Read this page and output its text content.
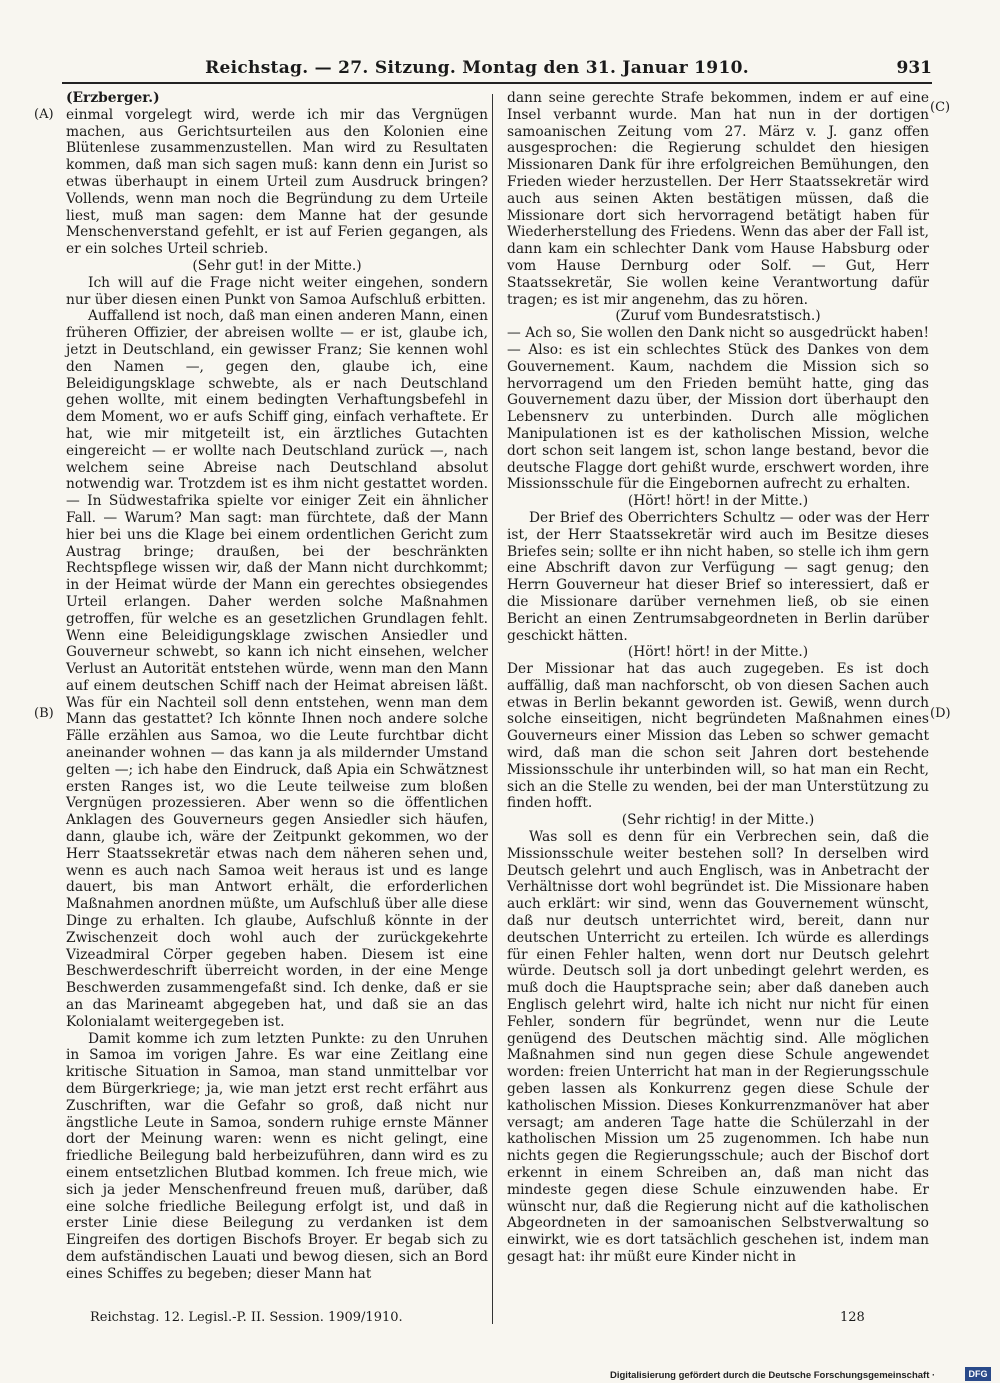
Reichstag. — 27. Sitzung. Montag den 31. Januar 1910.	931
(A)
(B)
(C)
(D)

(Erzberger.)

einmal vorgelegt wird, werde ich mir das Vergnügen machen, aus Gerichtsurteilen aus den Kolonien eine Blütenlese zusammenzustellen. Man wird zu Resultaten kommen, daß man sich sagen muß: kann denn ein Jurist so etwas überhaupt in einem Urteil zum Ausdruck bringen? Vollends, wenn man noch die Begründung zu dem Urteile liest, muß man sagen: dem Manne hat der gesunde Menschenverstand gefehlt, er ist auf Ferien gegangen, als er ein solches Urteil schrieb.

(Sehr gut! in der Mitte.)

Ich will auf die Frage nicht weiter eingehen, sondern nur über diesen einen Punkt von Samoa Aufschluß erbitten.

Auffallend ist noch, daß man einen anderen Mann, einen früheren Offizier, der abreisen wollte — er ist, glaube ich, jetzt in Deutschland, ein gewisser Franz; Sie kennen wohl den Namen —, gegen den, glaube ich, eine Beleidigungsklage schwebte, als er nach Deutschland gehen wollte, mit einem bedingten Verhaftungsbefehl in dem Moment, wo er aufs Schiff ging, einfach verhaftete. Er hat, wie mir mitgeteilt ist, ein ärztliches Gutachten eingereicht — er wollte nach Deutschland zurück —, nach welchem seine Abreise nach Deutschland absolut notwendig war. Trotzdem ist es ihm nicht gestattet worden. — In Südwestafrika spielte vor einiger Zeit ein ähnlicher Fall. — Warum? Man sagt: man fürchtete, daß der Mann hier bei uns die Klage bei einem ordentlichen Gericht zum Austrag bringe; draußen, bei der beschränkten Rechtspflege wissen wir, daß der Mann nicht durchkommt; in der Heimat würde der Mann ein gerechtes obsiegendes Urteil erlangen. Daher werden solche Maßnahmen getroffen, für welche es an gesetzlichen Grundlagen fehlt. Wenn eine Beleidigungsklage zwischen Ansiedler und Gouverneur schwebt, so kann ich nicht einsehen, welcher Verlust an Autorität entstehen würde, wenn man den Mann auf einem deutschen Schiff nach der Heimat abreisen läßt. Was für ein Nachteil soll denn entstehen, wenn man dem Mann das gestattet? Ich könnte Ihnen noch andere solche Fälle erzählen aus Samoa, wo die Leute furchtbar dicht aneinander wohnen — das kann ja als mildernder Umstand gelten —; ich habe den Eindruck, daß Apia ein Schwätznest ersten Ranges ist, wo die Leute teilweise zum bloßen Vergnügen prozessieren. Aber wenn so die öffentlichen Anklagen des Gouverneurs gegen Ansiedler sich häufen, dann, glaube ich, wäre der Zeitpunkt gekommen, wo der Herr Staatssekretär etwas nach dem näheren sehen und, wenn es auch nach Samoa weit heraus ist und es lange dauert, bis man Antwort erhält, die erforderlichen Maßnahmen anordnen müßte, um Aufschluß über alle diese Dinge zu erhalten. Ich glaube, Aufschluß könnte in der Zwischenzeit doch wohl auch der zurückgekehrte Vizeadmiral Cörper gegeben haben. Diesem ist eine Beschwerdeschrift überreicht worden, in der eine Menge Beschwerden zusammengefaßt sind. Ich denke, daß er sie an das Marineamt abgegeben hat, und daß sie an das Kolonialamt weitergegeben ist.

Damit komme ich zum letzten Punkte: zu den Unruhen in Samoa im vorigen Jahre. Es war eine Zeitlang eine kritische Situation in Samoa, man stand unmittelbar vor dem Bürgerkriege; ja, wie man jetzt erst recht erfährt aus Zuschriften, war die Gefahr so groß, daß nicht nur ängstliche Leute in Samoa, sondern ruhige ernste Männer dort der Meinung waren: wenn es nicht gelingt, eine friedliche Beilegung bald herbeizuführen, dann wird es zu einem entsetzlichen Blutbad kommen. Ich freue mich, wie sich ja jeder Menschenfreund freuen muß, darüber, daß eine solche friedliche Beilegung erfolgt ist, und daß in erster Linie diese Beilegung zu verdanken ist dem Eingreifen des dortigen Bischofs Broyer. Er begab sich zu dem aufständischen Lauati und bewog diesen, sich an Bord eines Schiffes zu begeben; dieser Mann hat

dann seine gerechte Strafe bekommen, indem er auf eine Insel verbannt wurde. Man hat nun in der dortigen samoanischen Zeitung vom 27. März v. J. ganz offen ausgesprochen: die Regierung schuldet den hiesigen Missionaren Dank für ihre erfolgreichen Bemühungen, den Frieden wieder herzustellen. Der Herr Staatssekretär wird auch aus seinen Akten bestätigen müssen, daß die Missionare dort sich hervorragend betätigt haben für Wiederherstellung des Friedens. Wenn das aber der Fall ist, dann kam ein schlechter Dank vom Hause Habsburg oder vom Hause Dernburg oder Solf. — Gut, Herr Staatssekretär, Sie wollen keine Verantwortung dafür tragen; es ist mir angenehm, das zu hören.

(Zuruf vom Bundesratstisch.)

— Ach so, Sie wollen den Dank nicht so ausgedrückt haben! — Also: es ist ein schlechtes Stück des Dankes von dem Gouvernement. Kaum, nachdem die Mission sich so hervorragend um den Frieden bemüht hatte, ging das Gouvernement dazu über, der Mission dort überhaupt den Lebensnerv zu unterbinden. Durch alle möglichen Manipulationen ist es der katholischen Mission, welche dort schon seit langem ist, schon lange bestand, bevor die deutsche Flagge dort gehißt wurde, erschwert worden, ihre Missionsschule für die Eingebornen aufrecht zu erhalten.

(Hört! hört! in der Mitte.)

Der Brief des Oberrichters Schultz — oder was der Herr ist, der Herr Staatssekretär wird auch im Besitze dieses Briefes sein; sollte er ihn nicht haben, so stelle ich ihm gern eine Abschrift davon zur Verfügung — sagt genug; den Herrn Gouverneur hat dieser Brief so interessiert, daß er die Missionare darüber vernehmen ließ, ob sie einen Bericht an einen Zentrumsabgeordneten in Berlin darüber geschickt hätten.

(Hört! hört! in der Mitte.)

Der Missionar hat das auch zugegeben. Es ist doch auffällig, daß man nachforscht, ob von diesen Sachen auch etwas in Berlin bekannt geworden ist. Gewiß, wenn durch solche einseitigen, nicht begründeten Maßnahmen eines Gouverneurs einer Mission das Leben so schwer gemacht wird, daß man die schon seit Jahren dort bestehende Missionsschule ihr unterbinden will, so hat man ein Recht, sich an die Stelle zu wenden, bei der man Unterstützung zu finden hofft.

(Sehr richtig! in der Mitte.)

Was soll es denn für ein Verbrechen sein, daß die Missionsschule weiter bestehen soll? In derselben wird Deutsch gelehrt und auch Englisch, was in Anbetracht der Verhältnisse dort wohl begründet ist. Die Missionare haben auch erklärt: wir sind, wenn das Gouvernement wünscht, daß nur deutsch unterrichtet wird, bereit, dann nur deutschen Unterricht zu erteilen. Ich würde es allerdings für einen Fehler halten, wenn dort nur Deutsch gelehrt würde. Deutsch soll ja dort unbedingt gelehrt werden, es muß doch die Hauptsprache sein; aber daß daneben auch Englisch gelehrt wird, halte ich nicht nur nicht für einen Fehler, sondern für begründet, wenn nur die Leute genügend des Deutschen mächtig sind. Alle möglichen Maßnahmen sind nun gegen diese Schule angewendet worden: freien Unterricht hat man in der Regierungsschule geben lassen als Konkurrenz gegen diese Schule der katholischen Mission. Dieses Konkurrenzmanöver hat aber versagt; am anderen Tage hatte die Schülerzahl in der katholischen Mission um 25 zugenommen. Ich habe nun nichts gegen die Regierungsschule; auch der Bischof dort erkennt in einem Schreiben an, daß man nicht das mindeste gegen diese Schule einzuwenden habe. Er wünscht nur, daß die Regierung nicht auf die katholischen Abgeordneten in der samoanischen Selbstverwaltung so einwirkt, wie es dort tatsächlich geschehen ist, indem man gesagt hat: ihr müßt eure Kinder nicht in

Reichstag. 12. Legisl.-P. II. Session. 1909/1910.	128
Digitalisierung gefördert durch die Deutsche Forschungsgemeinschaft ·	DFG
